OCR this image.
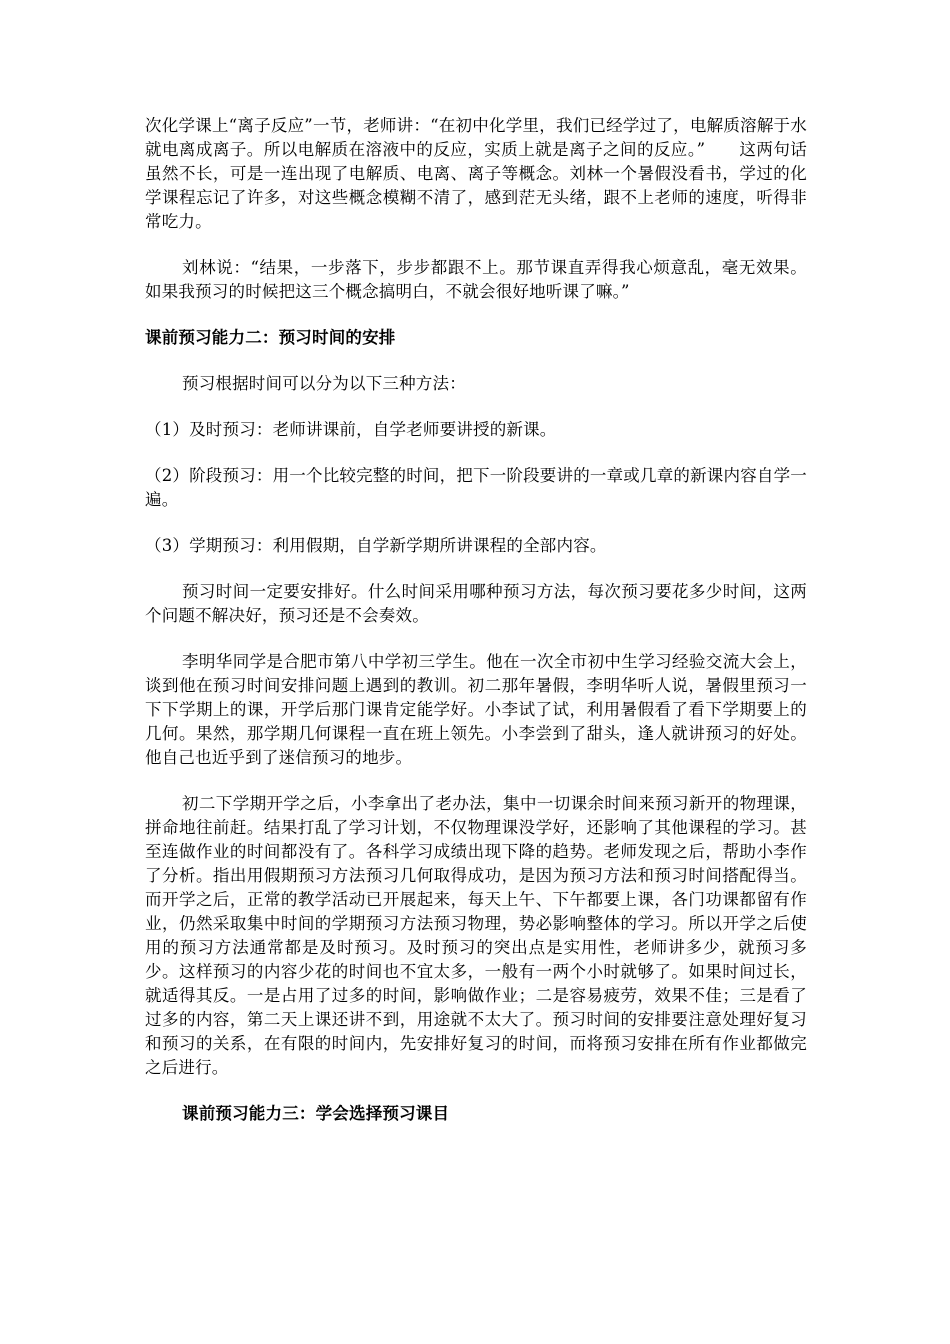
次化学课上“离子反应”一节，老师讲：“在初中化学里，我们已经学过了，电解质溶解于水就电离成离子。所以电解质在溶液中的反应，实质上就是离子之间的反应。”　　这两句话虽然不长，可是一连出现了电解质、电离、离子等概念。刘林一个暑假没看书，学过的化学课程忘记了许多，对这些概念模糊不清了，感到茫无头绪，跟不上老师的速度，听得非常吃力。

刘林说：“结果，一步落下，步步都跟不上。那节课直弄得我心烦意乱，毫无效果。如果我预习的时候把这三个概念搞明白，不就会很好地听课了嘛。”

课前预习能力二：预习时间的安排

预习根据时间可以分为以下三种方法：

（1）及时预习：老师讲课前，自学老师要讲授的新课。

（2）阶段预习：用一个比较完整的时间，把下一阶段要讲的一章或几章的新课内容自学一遍。

（3）学期预习：利用假期，自学新学期所讲课程的全部内容。

预习时间一定要安排好。什么时间采用哪种预习方法，每次预习要花多少时间，这两个问题不解决好，预习还是不会奏效。

李明华同学是合肥市第八中学初三学生。他在一次全市初中生学习经验交流大会上，谈到他在预习时间安排问题上遇到的教训。初二那年暑假，李明华听人说，暑假里预习一下下学期上的课，开学后那门课肯定能学好。小李试了试，利用暑假看了看下学期要上的几何。果然，那学期几何课程一直在班上领先。小李尝到了甜头，逢人就讲预习的好处。他自己也近乎到了迷信预习的地步。

初二下学期开学之后，小李拿出了老办法，集中一切课余时间来预习新开的物理课，拼命地往前赶。结果打乱了学习计划，不仅物理课没学好，还影响了其他课程的学习。甚至连做作业的时间都没有了。各科学习成绩出现下降的趋势。老师发现之后，帮助小李作了分析。指出用假期预习方法预习几何取得成功，是因为预习方法和预习时间搭配得当。而开学之后，正常的教学活动已开展起来，每天上午、下午都要上课，各门功课都留有作业，仍然采取集中时间的学期预习方法预习物理，势必影响整体的学习。所以开学之后使用的预习方法通常都是及时预习。及时预习的突出点是实用性，老师讲多少，就预习多少。这样预习的内容少花的时间也不宜太多，一般有一两个小时就够了。如果时间过长，就适得其反。一是占用了过多的时间，影响做作业；二是容易疲劳，效果不佳；三是看了过多的内容，第二天上课还讲不到，用途就不太大了。预习时间的安排要注意处理好复习和预习的关系，在有限的时间内，先安排好复习的时间，而将预习安排在所有作业都做完之后进行。

课前预习能力三：学会选择预习课目
